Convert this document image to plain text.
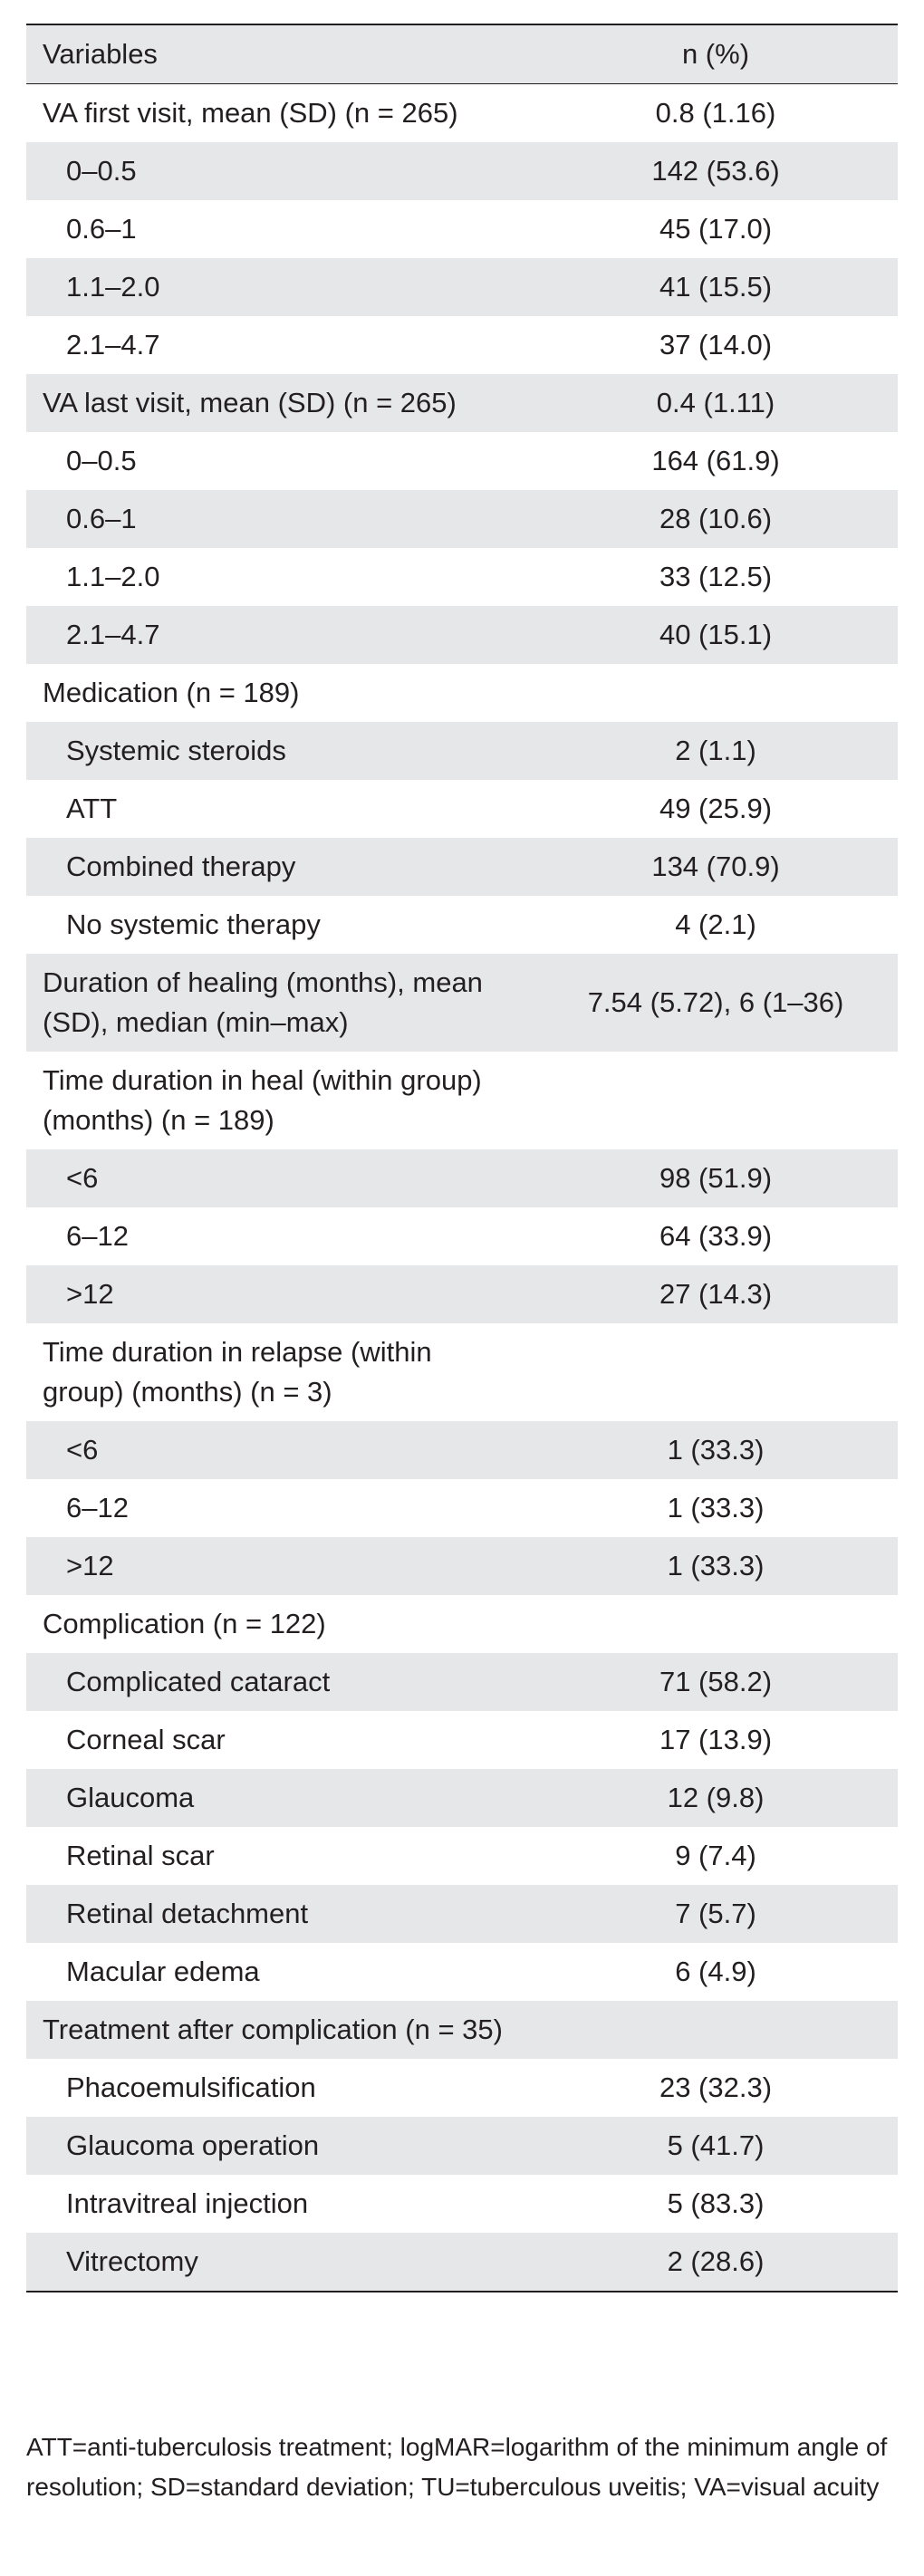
Variables	n (%)
VA first visit, mean (SD) (n = 265)	0.8 (1.16)
0–0.5	142 (53.6)
0.6–1	45 (17.0)
1.1–2.0	41 (15.5)
2.1–4.7	37 (14.0)
VA last visit, mean (SD) (n = 265)	0.4 (1.11)
0–0.5	164 (61.9)
0.6–1	28 (10.6)
1.1–2.0	33 (12.5)
2.1–4.7	40 (15.1)
Medication (n = 189)	
Systemic steroids	2 (1.1)
ATT	49 (25.9)
Combined therapy	134 (70.9)
No systemic therapy	4 (2.1)
Duration of healing (months), mean (SD), median (min–max)	7.54 (5.72), 6 (1–36)
Time duration in heal (within group) (months) (n = 189)	
<6	98 (51.9)
6–12	64 (33.9)
>12	27 (14.3)
Time duration in relapse (within group) (months) (n = 3)	
<6	1 (33.3)
6–12	1 (33.3)
>12	1 (33.3)
Complication (n = 122)	
Complicated cataract	71 (58.2)
Corneal scar	17 (13.9)
Glaucoma	12 (9.8)
Retinal scar	9 (7.4)
Retinal detachment	7 (5.7)
Macular edema	6 (4.9)
Treatment after complication (n = 35)	
Phacoemulsification	23 (32.3)
Glaucoma operation	5 (41.7)
Intravitreal injection	5 (83.3)
Vitrectomy	2 (28.6)
ATT=anti-tuberculosis treatment; logMAR=logarithm of the minimum angle of resolution; SD=standard deviation; TU=tuberculous uveitis; VA=visual acuity
